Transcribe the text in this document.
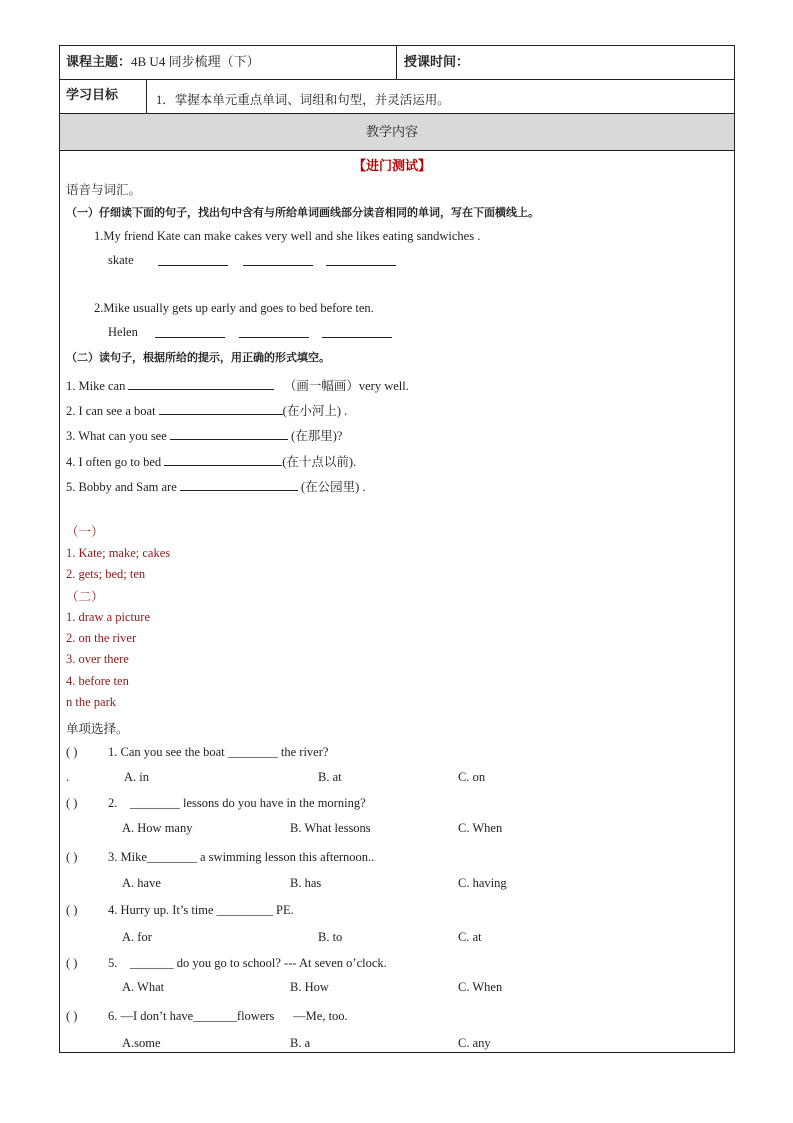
课程主题：4B U4 同步梳理（下）	授课时间：
学习目标	1．掌握本单元重点单词、词组和句型，并灵活运用。
教学内容
【进门测试】
语音与词汇。
（一）仔细读下面的句子，找出句中含有与所给单词画线部分读音相同的单词，写在下面横线上。
1.My friend Kate can make cakes very well and she likes eating sandwiches .
skate
2.Mike usually gets up early and goes to bed before ten.
Helen
（二）读句子，根据所给的提示，用正确的形式填空。
1. Mike can	（画一幅画）very well.
2. I can see a boat	(在小河上) .
3. What can you see	(在那里)?
4. I often go to bed	(在十点以前).
5. Bobby and Sam are	(在公园里) .
（一）
1. Kate; make; cakes
2. gets; bed; ten
（二）
1. draw a picture
2. on the river
3. over there
4. before ten
n the park
单项选择。
( ) 1. Can you see the boat ________ the river?
.	A. in	B. at	C. on
( ) 2.    ________ lessons do you have in the morning?
A. How many	B. What lessons	C. When
( ) 3. Mike________ a swimming lesson this afternoon..
A. have	B. has	C. having
( ) 4. Hurry up. It’s time _________ PE.
A. for	B. to	C. at
( ) 5.    _______ do you go to school? --- At seven o’clock.
A. What	B. How	C. When
( ) 6. —I don’t have_______flowers      —Me, too.
A.some	B. a	C. any
